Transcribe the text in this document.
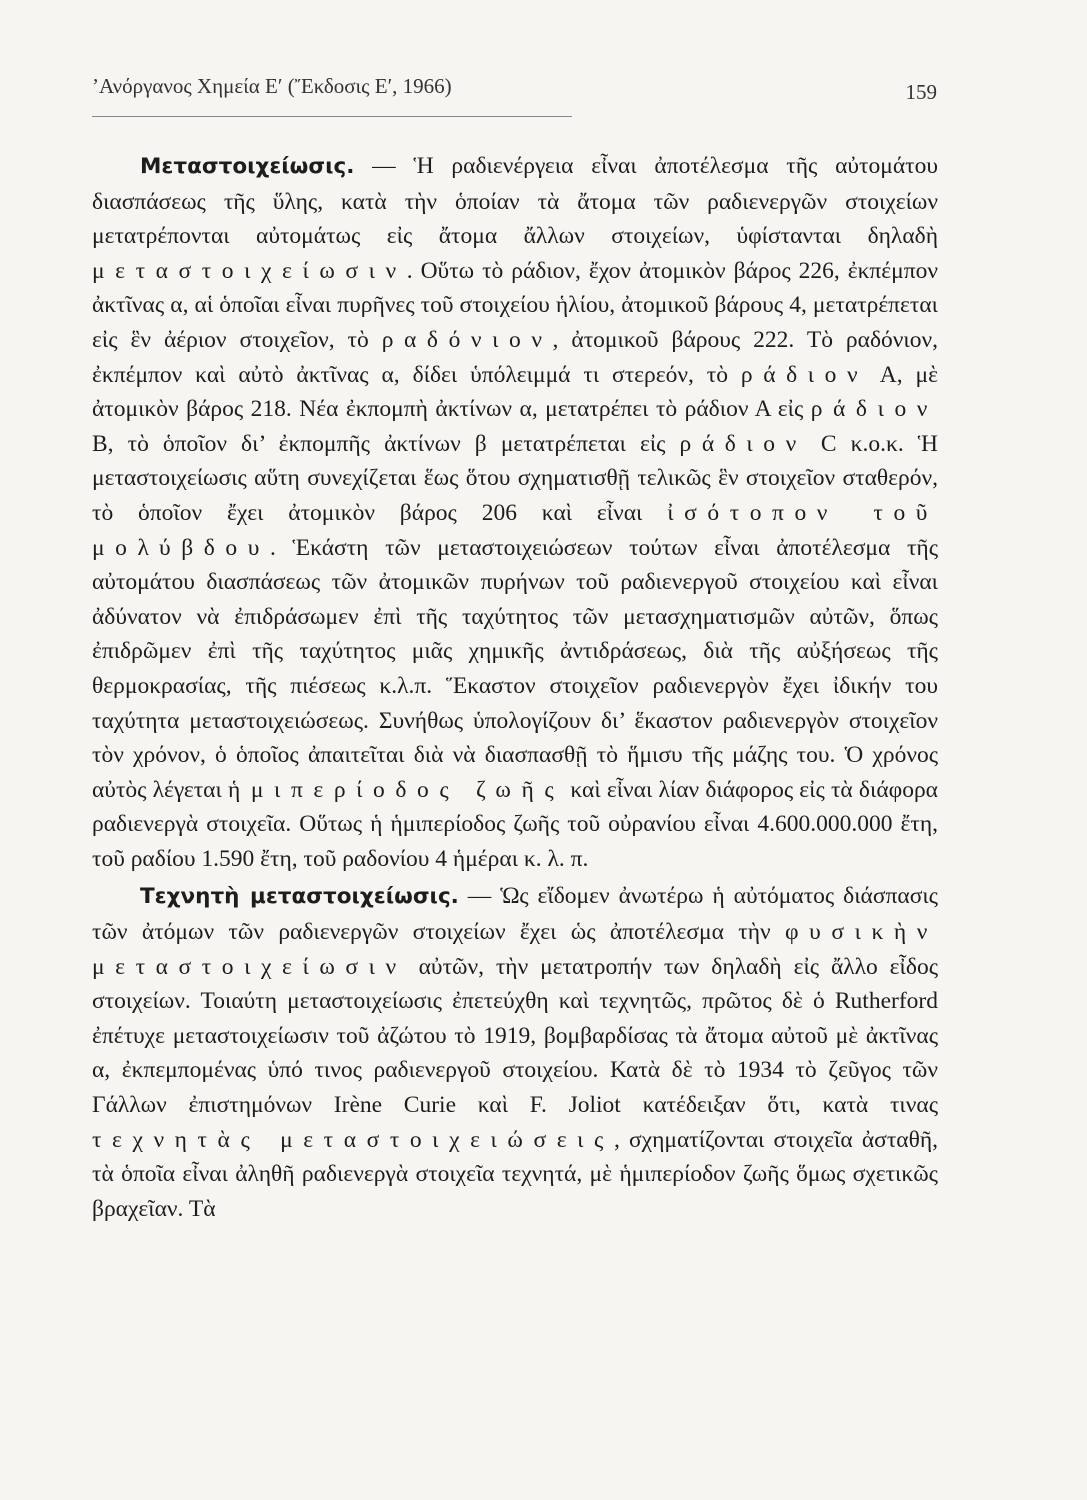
’Ανόργανος Χημεία Ε′ (Ἔκδοσις Ε′, 1966)	159

Μεταστοιχείωσις. — Ἡ ραδιενέργεια εἶναι ἀποτέλεσμα τῆς αὐτομάτου διασπάσεως τῆς ὕλης, κατὰ τὴν ὁποίαν τὰ ἄτομα τῶν ραδιενεργῶν στοιχείων μετατρέπονται αὐτομάτως εἰς ἄτομα ἄλλων στοιχείων, ὑφίστανται δηλαδὴ μεταστοιχείωσιν. Οὕτω τὸ ράδιον, ἔχον ἀτομικὸν βάρος 226, ἐκπέμπον ἀκτῖνας α, αἱ ὁποῖαι εἶναι πυρῆνες τοῦ στοιχείου ἡλίου, ἀτομικοῦ βάρους 4, μετατρέπεται εἰς ἓν ἀέριον στοιχεῖον, τὸ ραδόνιον, ἀτομικοῦ βάρους 222. Τὸ ραδόνιον, ἐκπέμπον καὶ αὐτὸ ἀκτῖνας α, δίδει ὑπόλειμμά τι στερεόν, τὸ ράδιον Α, μὲ ἀτομικὸν βάρος 218. Νέα ἐκπομπὴ ἀκτίνων α, μετατρέπει τὸ ράδιον Α εἰς ράδιον Β, τὸ ὁποῖον δι’ ἐκπομπῆς ἀκτίνων β μετατρέπεται εἰς ράδιον C κ.ο.κ. Ἡ μεταστοιχείωσις αὕτη συνεχίζεται ἕως ὅτου σχηματισθῇ τελικῶς ἓν στοιχεῖον σταθερόν, τὸ ὁποῖον ἔχει ἀτομικὸν βάρος 206 καὶ εἶναι ἰσότοπον τοῦ μολύβδου. Ἑκάστη τῶν μεταστοιχειώσεων τούτων εἶναι ἀποτέλεσμα τῆς αὐτομάτου διασπάσεως τῶν ἀτομικῶν πυρήνων τοῦ ραδιενεργοῦ στοιχείου καὶ εἶναι ἀδύνατον νὰ ἐπιδράσωμεν ἐπὶ τῆς ταχύτητος τῶν μετασχηματισμῶν αὐτῶν, ὅπως ἐπιδρῶμεν ἐπὶ τῆς ταχύτητος μιᾶς χημικῆς ἀντιδράσεως, διὰ τῆς αὐξήσεως τῆς θερμοκρασίας, τῆς πιέσεως κ.λ.π. Ἕκαστον στοιχεῖον ραδιενεργὸν ἔχει ἰδικήν του ταχύτητα μεταστοιχειώσεως. Συνήθως ὑπολογίζουν δι’ ἕκαστον ραδιενεργὸν στοιχεῖον τὸν χρόνον, ὁ ὁποῖος ἀπαιτεῖται διὰ νὰ διασπασθῇ τὸ ἥμισυ τῆς μάζης του. Ὁ χρόνος αὐτὸς λέγεται ἡμιπερίοδος ζωῆς καὶ εἶναι λίαν διάφορος εἰς τὰ διάφορα ραδιενεργὰ στοιχεῖα. Οὕτως ἡ ἡμιπερίοδος ζωῆς τοῦ οὐρανίου εἶναι 4.600.000.000 ἔτη, τοῦ ραδίου 1.590 ἔτη, τοῦ ραδονίου 4 ἡμέραι κ. λ. π.

Τεχνητὴ μεταστοιχείωσις. — Ὡς εἴδομεν ἀνωτέρω ἡ αὐτόματος διάσπασις τῶν ἀτόμων τῶν ραδιενεργῶν στοιχείων ἔχει ὡς ἀποτέλεσμα τὴν φυσικὴν μεταστοιχείωσιν αὐτῶν, τὴν μετατροπήν των δηλαδὴ εἰς ἄλλο εἶδος στοιχείων. Τοιαύτη μεταστοιχείωσις ἐπετεύχθη καὶ τεχνητῶς, πρῶτος δὲ ὁ Rutherford ἐπέτυχε μεταστοιχείωσιν τοῦ ἀζώτου τὸ 1919, βομβαρδίσας τὰ ἄτομα αὐτοῦ μὲ ἀκτῖνας α, ἐκπεμπομένας ὑπό τινος ραδιενεργοῦ στοιχείου. Κατὰ δὲ τὸ 1934 τὸ ζεῦγος τῶν Γάλλων ἐπιστημόνων Irène Curie καὶ F. Joliot κατέδειξαν ὅτι, κατὰ τινας τεχνητὰς μεταστοιχειώσεις, σχηματίζονται στοιχεῖα ἀσταθῆ, τὰ ὁποῖα εἶναι ἀληθῆ ραδιενεργὰ στοιχεῖα τεχνητά, μὲ ἡμιπερίοδον ζωῆς ὅμως σχετικῶς βραχεῖαν. Τὰ
